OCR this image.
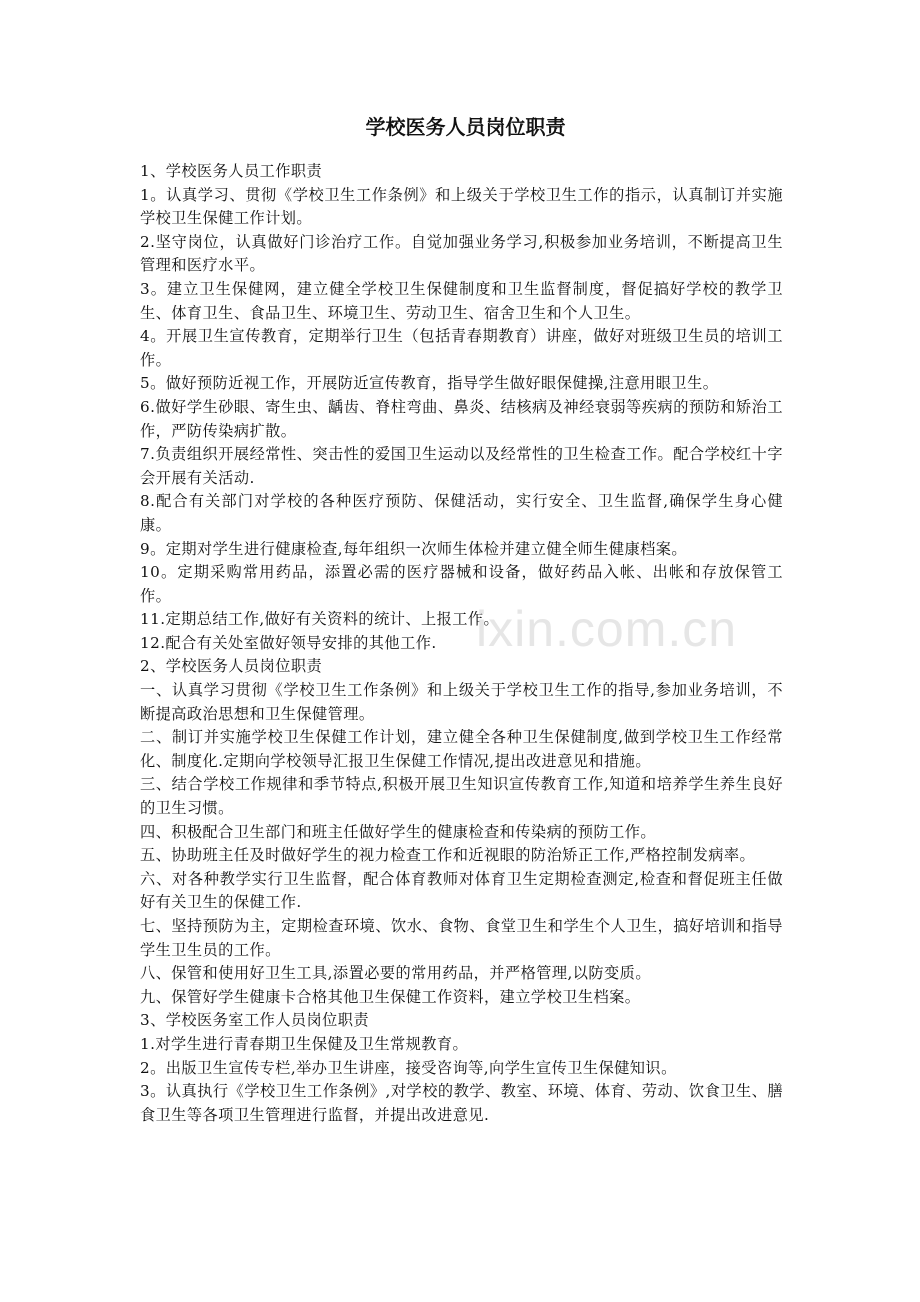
学校医务人员岗位职责

1、学校医务人员工作职责

1。认真学习、贯彻《学校卫生工作条例》和上级关于学校卫生工作的指示，认真制订并实施学校卫生保健工作计划。

2.坚守岗位，认真做好门诊治疗工作。自觉加强业务学习,积极参加业务培训，不断提高卫生管理和医疗水平。

3。建立卫生保健网，建立健全学校卫生保健制度和卫生监督制度，督促搞好学校的教学卫生、体育卫生、食品卫生、环境卫生、劳动卫生、宿舍卫生和个人卫生。

4。开展卫生宣传教育，定期举行卫生（包括青春期教育）讲座，做好对班级卫生员的培训工作。

5。做好预防近视工作，开展防近宣传教育，指导学生做好眼保健操,注意用眼卫生。

6.做好学生砂眼、寄生虫、龋齿、脊柱弯曲、鼻炎、结核病及神经衰弱等疾病的预防和矫治工作，严防传染病扩散。

7.负责组织开展经常性、突击性的爱国卫生运动以及经常性的卫生检查工作。配合学校红十字会开展有关活动.

8.配合有关部门对学校的各种医疗预防、保健活动，实行安全、卫生监督,确保学生身心健康。

9。定期对学生进行健康检查,每年组织一次师生体检并建立健全师生健康档案。

10。定期采购常用药品，添置必需的医疗器械和设备，做好药品入帐、出帐和存放保管工作。

11.定期总结工作,做好有关资料的统计、上报工作。

12.配合有关处室做好领导安排的其他工作.

2、学校医务人员岗位职责

一、认真学习贯彻《学校卫生工作条例》和上级关于学校卫生工作的指导,参加业务培训，不断提高政治思想和卫生保健管理。

二、制订并实施学校卫生保健工作计划，建立健全各种卫生保健制度,做到学校卫生工作经常化、制度化.定期向学校领导汇报卫生保健工作情况,提出改进意见和措施。

三、结合学校工作规律和季节特点,积极开展卫生知识宣传教育工作,知道和培养学生养生良好的卫生习惯。

四、积极配合卫生部门和班主任做好学生的健康检查和传染病的预防工作。

五、协助班主任及时做好学生的视力检查工作和近视眼的防治矫正工作,严格控制发病率。

六、对各种教学实行卫生监督，配合体育教师对体育卫生定期检查测定,检查和督促班主任做好有关卫生的保健工作.

七、坚持预防为主，定期检查环境、饮水、食物、食堂卫生和学生个人卫生，搞好培训和指导学生卫生员的工作。

八、保管和使用好卫生工具,添置必要的常用药品，并严格管理,以防变质。

九、保管好学生健康卡合格其他卫生保健工作资料，建立学校卫生档案。

3、学校医务室工作人员岗位职责

1.对学生进行青春期卫生保健及卫生常规教育。

2。出版卫生宣传专栏,举办卫生讲座，接受咨询等,向学生宣传卫生保健知识。

3。认真执行《学校卫生工作条例》,对学校的教学、教室、环境、体育、劳动、饮食卫生、膳食卫生等各项卫生管理进行监督，并提出改进意见.

ixin.com.cn
